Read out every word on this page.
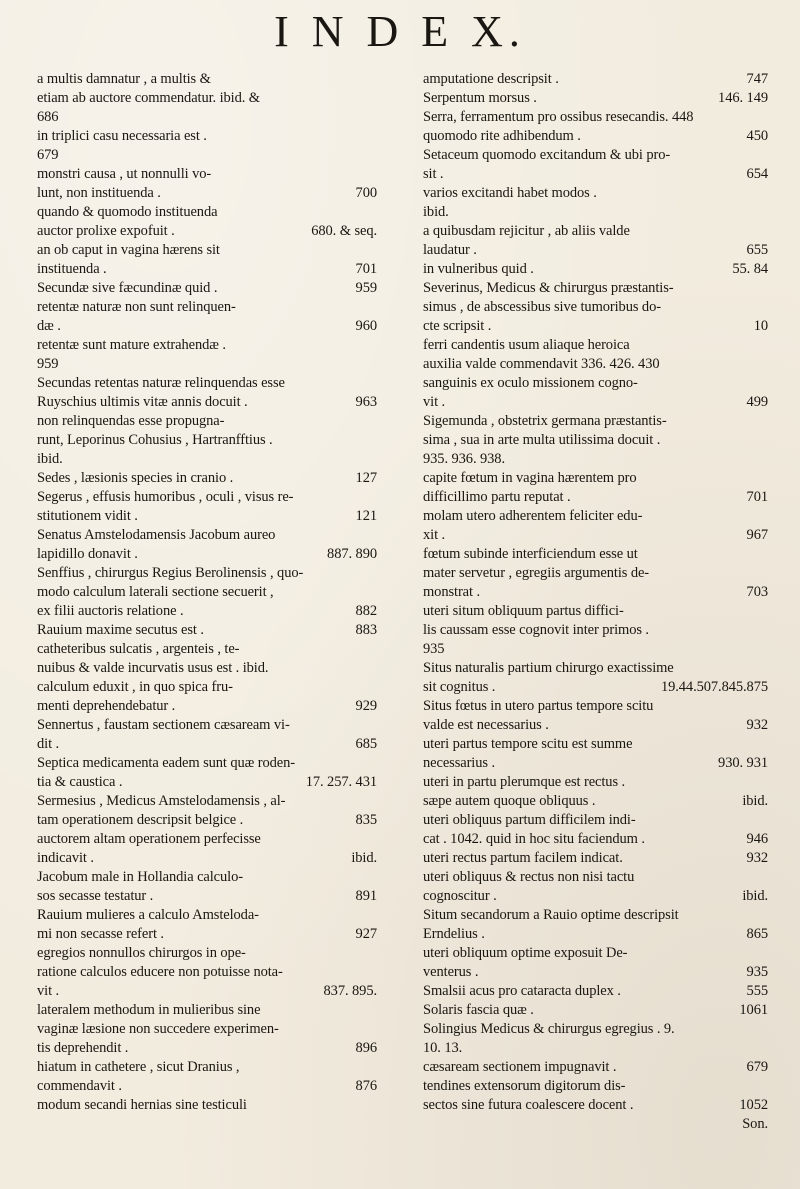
I N D E X.
a multis damnatur , a multis &
etiam ab auctore commendatur. ibid. &
686
in triplici casu necessaria est .
679
monstri causa , ut nonnulli vo-
700
lunt, non instituenda .
quando & quomodo instituenda
680. & seq.
auctor prolixe expofuit .
an ob caput in vagina hærens sit
701
instituenda .
959
Secundæ sive fæcundinæ quid .
retentæ naturæ non sunt relinquen-
960
dæ .
retentæ sunt mature extrahendæ .
959
Secundas retentas naturæ relinquendas esse
963
Ruyschius ultimis vitæ annis docuit .
non relinquendas esse propugna-
runt, Leporinus Cohusius , Hartranfftius .
ibid.
127
Sedes , læsionis species in cranio .
Segerus , effusis humoribus , oculi , visus re-
121
stitutionem vidit .
Senatus Amstelodamensis Jacobum aureo
887. 890
lapidillo donavit .
Senffius , chirurgus Regius Berolinensis , quo-
modo calculum laterali sectione secuerit ,
882
ex filii auctoris relatione .
883
Rauium maxime secutus est .
catheteribus sulcatis , argenteis , te-
nuibus & valde incurvatis usus est . ibid.
calculum eduxit , in quo spica fru-
929
menti deprehendebatur .
Sennertus , faustam sectionem cæsaream vi-
685
dit .
Septica medicamenta eadem sunt quæ roden-
17. 257. 431
tia & caustica .
Sermesius , Medicus Amstelodamensis , al-
835
tam operationem descripsit belgice .
auctorem altam operationem perfecisse
ibid.
indicavit .
Jacobum male in Hollandia calculo-
891
sos secasse testatur .
Rauium mulieres a calculo Amsteloda-
927
mi non secasse refert .
egregios nonnullos chirurgos in ope-
ratione calculos educere non potuisse nota-
837. 895.
vit .
lateralem methodum in mulieribus sine
vaginæ læsione non succedere experimen-
896
tis deprehendit .
hiatum in cathetere , sicut Dranius ,
876
commendavit .
modum secandi hernias sine testiculi
747
amputatione descripsit .
146. 149
Serpentum morsus .
Serra, ferramentum pro ossibus resecandis. 448
450
quomodo rite adhibendum .
Setaceum quomodo excitandum & ubi pro-
654
sit .
varios excitandi habet modos .
ibid.
a quibusdam rejicitur , ab aliis valde
655
laudatur .
55. 84
in vulneribus quid .
Severinus, Medicus & chirurgus præstantis-
simus , de abscessibus sive tumoribus do-
10
cte scripsit .
ferri candentis usum aliaque heroica
auxilia valde commendavit 336. 426. 430
sanguinis ex oculo missionem cogno-
499
vit .
Sigemunda , obstetrix germana præstantis-
sima , sua in arte multa utilissima docuit .
935. 936. 938.
capite fœtum in vagina hærentem pro
701
difficillimo partu reputat .
molam utero adherentem feliciter edu-
967
xit .
fœtum subinde interficiendum esse ut
mater servetur , egregiis argumentis de-
703
monstrat .
uteri situm obliquum partus diffici-
lis caussam esse cognovit inter primos .
935
Situs naturalis partium chirurgo exactissime
19.44.507.845.875
sit cognitus .
Situs fœtus in utero partus tempore scitu
932
valde est necessarius .
uteri partus tempore scitu est summe
930. 931
necessarius .
uteri in partu plerumque est rectus .
ibid.
sæpe autem quoque obliquus .
uteri obliquus partum difficilem indi-
946
cat . 1042. quid in hoc situ faciendum .
932
uteri rectus partum facilem indicat.
uteri obliquus & rectus non nisi tactu
ibid.
cognoscitur .
Situm secandorum a Rauio optime descripsit
865
Erndelius .
uteri obliquum optime exposuit De-
935
venterus .
555
Smalsii acus pro cataracta duplex .
1061
Solaris fascia quæ .
Solingius Medicus & chirurgus egregius . 9.
10. 13.
679
cæsaream sectionem impugnavit .
tendines extensorum digitorum dis-
1052
sectos sine futura coalescere docent .
Son.
